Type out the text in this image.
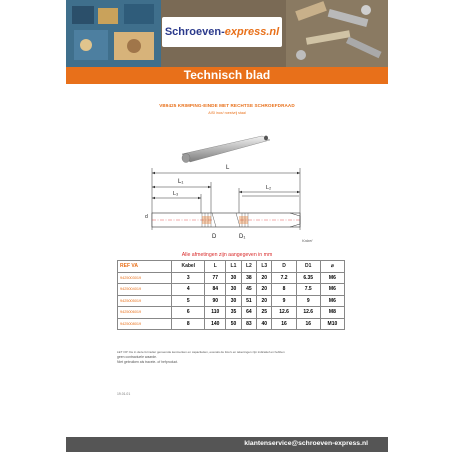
Schroeven- express.nl
Technisch blad
VB9425 KRIMPING-EINDE MET RECHTSE SCHROEFDRAAD
AISI inox/ roestvrij staal
L
L₁
L₃
L₂
d
D	D₁
Kabel
Alle afmetingen zijn aangegeven in mm
REF VA	Kabel	L	L1	L2	L3	D	D1	⌀
9425003019	3	77	30	38	20	7.2	6.35	M6
9425004019	4	84	30	45	20	8	7.5	M6
9425005019	5	90	30	51	20	9	9	M6
9425006019	6	110	35	64	25	12.6	12.6	M8
9425008019	8	140	50	83	40	16	16	M10
LET OP: De in deze formulier genoemde kenmerken en capaciteiten, evenals de foto's en tekeningen zijn indicatief en hebben
geen contractuele waarde.
Niet gebruiken als traceie- of hefproduct.
19.01.01
klantenservice@schroeven-express.nl
